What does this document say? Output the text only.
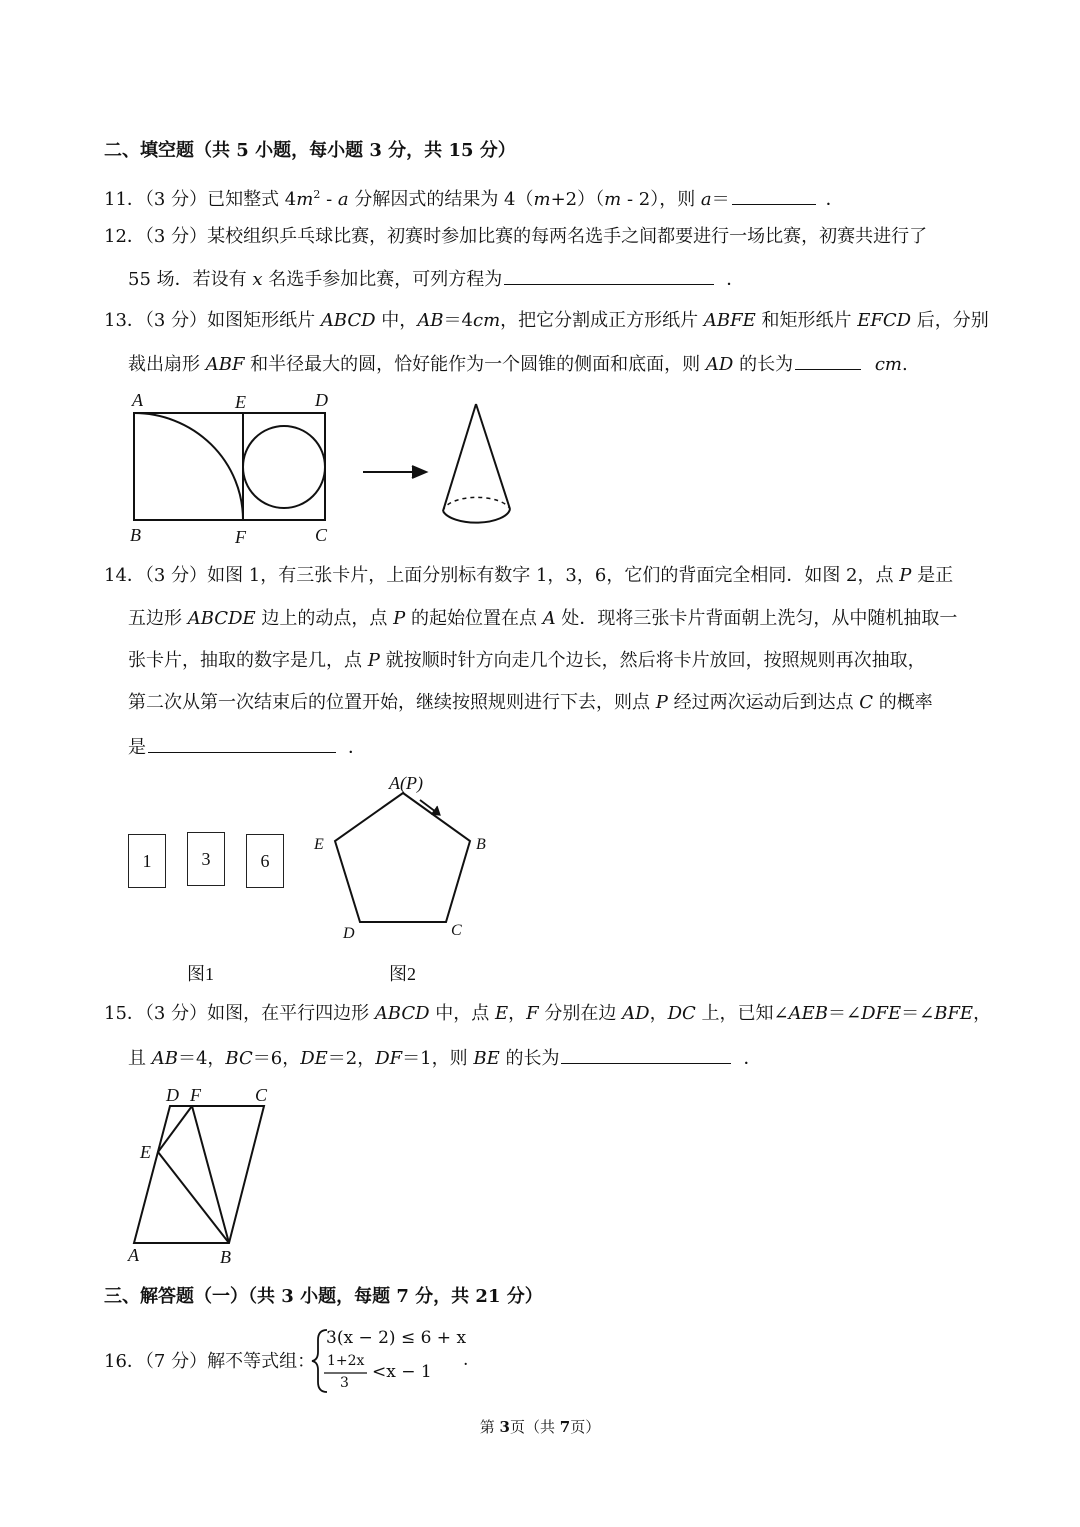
二、填空题（共 5 小题，每小题 3 分，共 15 分）
11．（3 分）已知整式 $4m^2$ - a 分解因式的结果为 4（m+2）（m - 2），则 a＝	．
12．（3 分）某校组织乒乓球比赛，初赛时参加比赛的每两名选手之间都要进行一场比赛，初赛共进行了
55 场．若设有 x 名选手参加比赛，可列方程为	．
13．（3 分）如图矩形纸片 ABCD 中，AB＝4cm，把它分割成正方形纸片 ABFE 和矩形纸片 EFCD 后，分别
裁出扇形 ABF 和半径最大的圆，恰好能作为一个圆锥的侧面和底面，则 AD 的长为	cm.
A	E	D
B	F	C
14．（3 分）如图 1，有三张卡片，上面分别标有数字 1，3，6，它们的背面完全相同．如图 2，点 P 是正
五边形 ABCDE 边上的动点，点 P 的起始位置在点 A 处．现将三张卡片背面朝上洗匀，从中随机抽取一
张卡片，抽取的数字是几，点 P 就按顺时针方向走几个边长，然后将卡片放回，按照规则再次抽取，
第二次从第一次结束后的位置开始，继续按照规则进行下去，则点 P 经过两次运动后到达点 C 的概率
是	．
1	3	6
A(P)
B
C
D
E
图1	图2
15．（3 分）如图，在平行四边形 ABCD 中，点 E，F 分别在边 AD，DC 上，已知∠AEB＝∠DFE＝∠BFE，
且 AB＝4，BC＝6，DE＝2，DF＝1，则 BE 的长为	．
D F	C
E
A	B
三、解答题（一）（共 3 小题，每题 7 分，共 21 分）
16．（7 分）解不等式组：
3(x − 2) ≤ 6 + x
1+2x
3
<x − 1
.
第 3页（共 7页）
